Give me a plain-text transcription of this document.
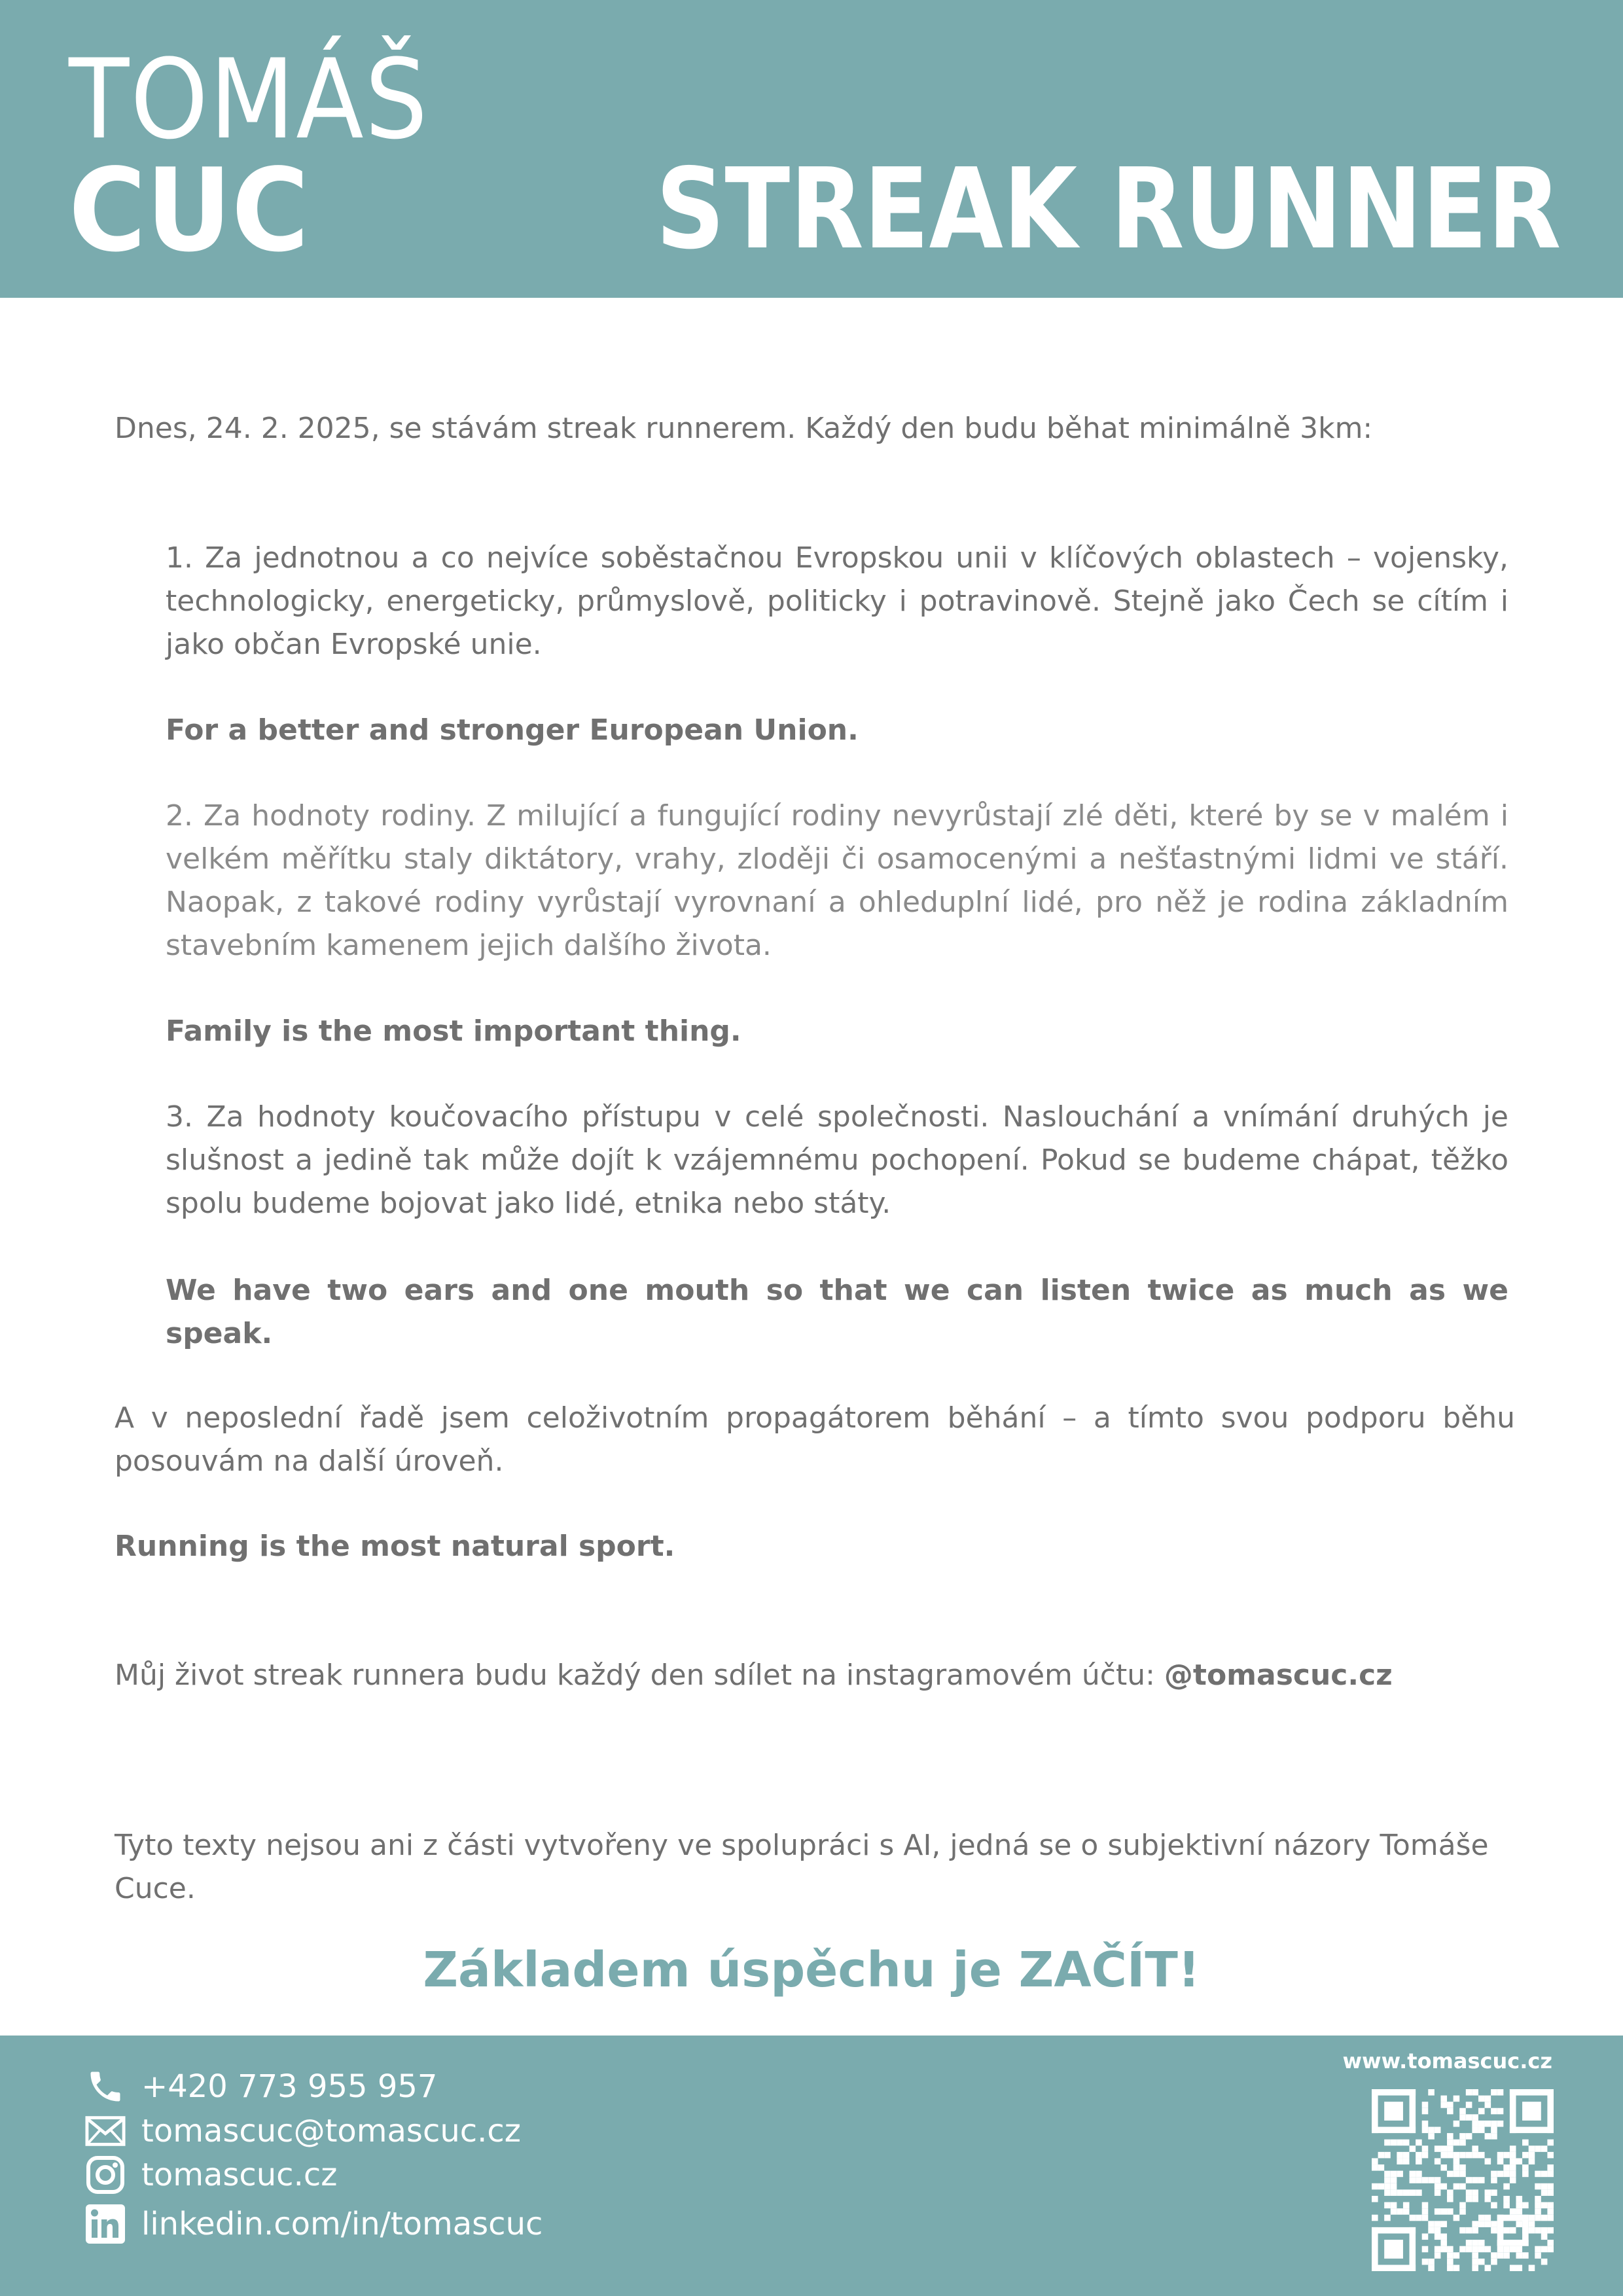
TOMÁŠ
CUC	STREAK RUNNER

Dnes, 24. 2. 2025, se stávám streak runnerem. Každý den budu běhat minimálně 3km:

1. Za jednotnou a co nejvíce soběstačnou Evropskou unii v klíčových oblastech – vojensky, technologicky, energeticky, průmyslově, politicky i potravinově. Stejně jako Čech se cítím i jako občan Evropské unie.

For a better and stronger European Union.

2. Za hodnoty rodiny. Z milující a fungující rodiny nevyrůstají zlé děti, které by se v malém i velkém měřítku staly diktátory, vrahy, zloději či osamocenými a nešťastnými lidmi ve stáří. Naopak, z takové rodiny vyrůstají vyrovnaní a ohleduplní lidé, pro něž je rodina základním stavebním kamenem jejich dalšího života.

Family is the most important thing.

3. Za hodnoty koučovacího přístupu v celé společnosti. Naslouchání a vnímání druhých je slušnost a jedině tak může dojít k vzájemnému pochopení. Pokud se budeme chápat, těžko spolu budeme bojovat jako lidé, etnika nebo státy.

We have two ears and one mouth so that we can listen twice as much as we speak.

A v neposlední řadě jsem celoživotním propagátorem běhání – a tímto svou podporu běhu posouvám na další úroveň.

Running is the most natural sport.

Můj život streak runnera budu každý den sdílet na instagramovém účtu: @tomascuc.cz

Tyto texty nejsou ani z části vytvořeny ve spolupráci s AI, jedná se o subjektivní názory Tomáše Cuce.

Základem úspěchu je ZAČÍT!
+420 773 955 957
tomascuc@tomascuc.cz
tomascuc.cz
linkedin.com/in/tomascuc
www.tomascuc.cz
